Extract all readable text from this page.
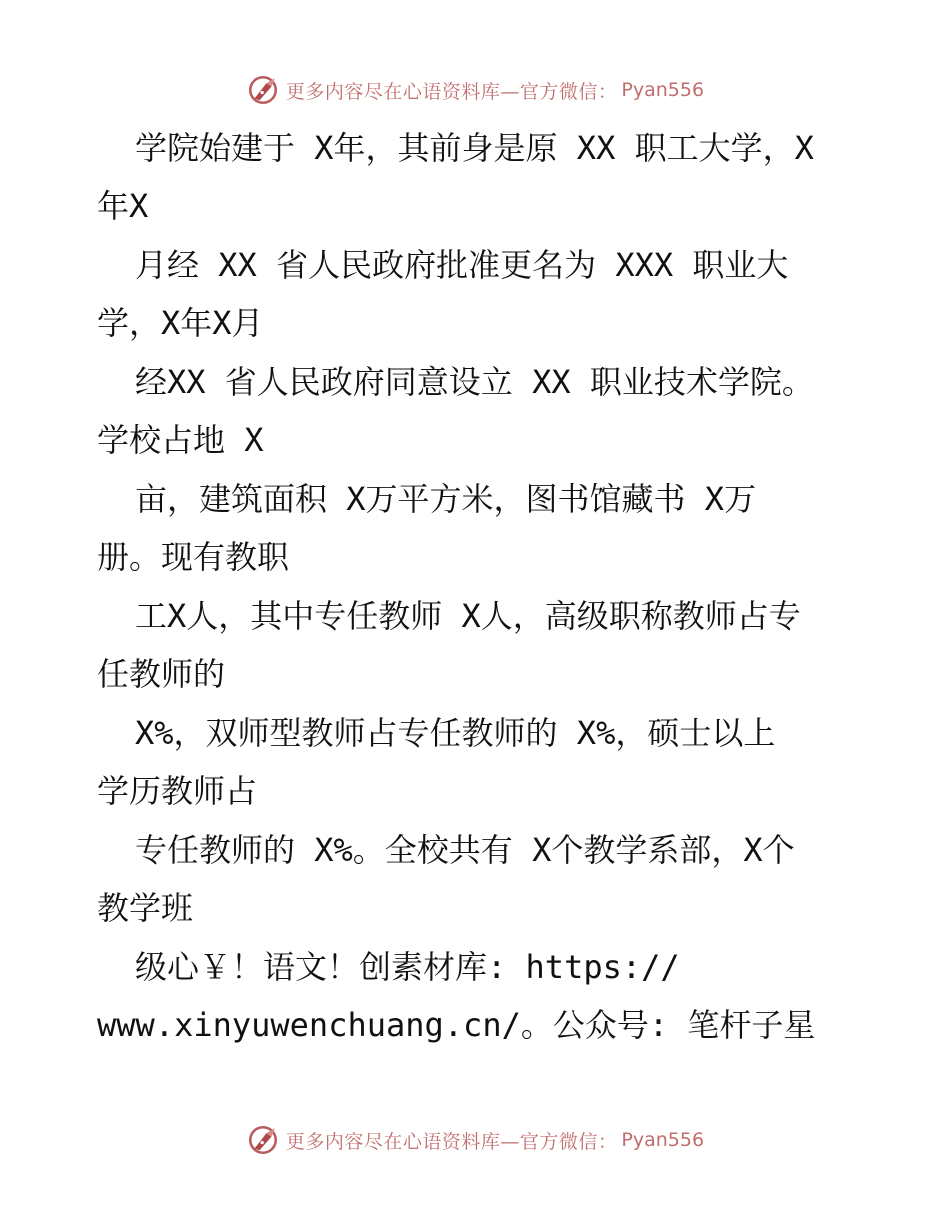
更多内容尽在心语资料库—官方微信： Pyan556
学院始建于 X年，其前身是原 XX 职工大学，X
年X
月经 XX 省人民政府批准更名为 XXX 职业大
学，X年X月
经XX 省人民政府同意设立 XX 职业技术学院。
学校占地 X
亩，建筑面积 X万平方米，图书馆藏书 X万
册。现有教职
工X人，其中专任教师 X人，高级职称教师占专
任教师的
X%，双师型教师占专任教师的 X%，硕士以上
学历教师占
专任教师的 X%。全校共有 X个教学系部，X个
教学班
级心￥！语文！创素材库: https://
www.xinyuwenchuang.cn/。公众号: 笔杆子星
更多内容尽在心语资料库—官方微信： Pyan556
